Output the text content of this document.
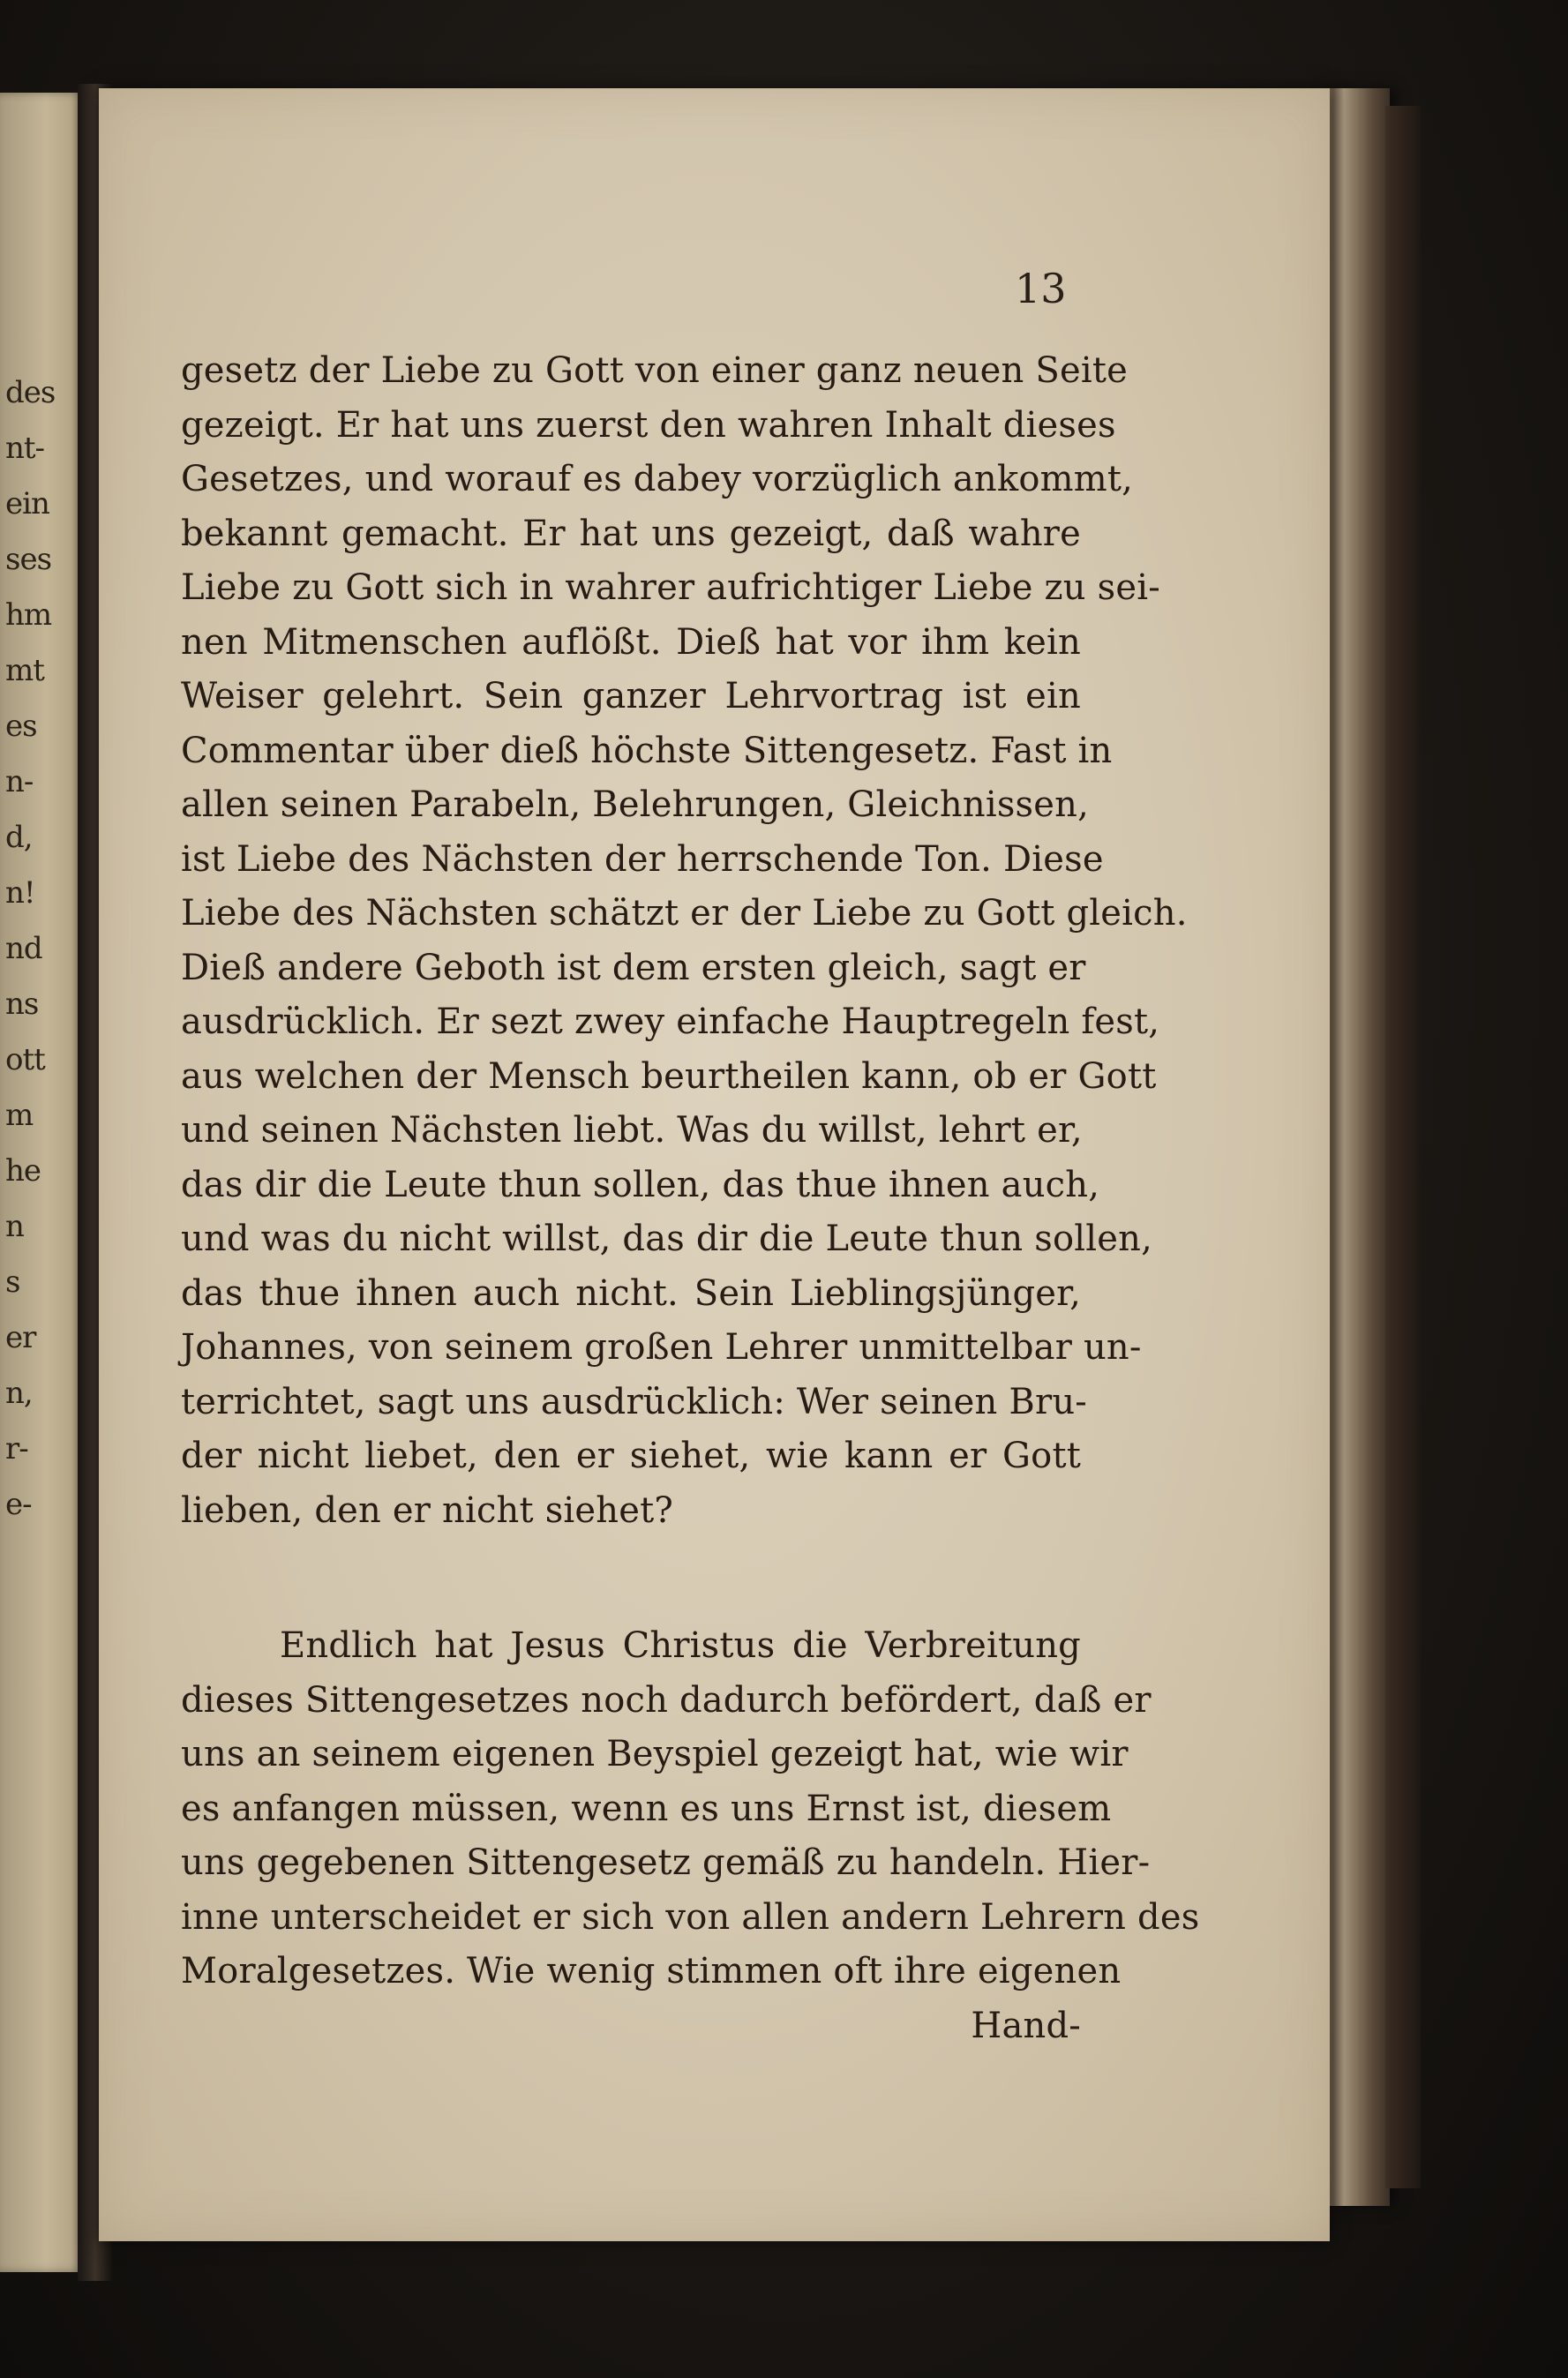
des
nt-
ein
ses
hm
mt
es
n-
d,
n!
nd
ns
ott
m
he
n
s
er
n,
r-
e-
13
gesetz der Liebe zu Gott von einer ganz neuen Seite
gezeigt. Er hat uns zuerst den wahren Inhalt dieses
Gesetzes, und worauf es dabey vorzüglich ankommt,
bekannt gemacht. Er hat uns gezeigt, daß wahre
Liebe zu Gott sich in wahrer aufrichtiger Liebe zu sei-
nen Mitmenschen auflößt. Dieß hat vor ihm kein
Weiser gelehrt. Sein ganzer Lehrvortrag ist ein
Commentar über dieß höchste Sittengesetz. Fast in
allen seinen Parabeln, Belehrungen, Gleichnissen,
ist Liebe des Nächsten der herrschende Ton. Diese
Liebe des Nächsten schätzt er der Liebe zu Gott gleich.
Dieß andere Geboth ist dem ersten gleich, sagt er
ausdrücklich. Er sezt zwey einfache Hauptregeln fest,
aus welchen der Mensch beurtheilen kann, ob er Gott
und seinen Nächsten liebt. Was du willst, lehrt er,
das dir die Leute thun sollen, das thue ihnen auch,
und was du nicht willst, das dir die Leute thun sollen,
das thue ihnen auch nicht. Sein Lieblingsjünger,
Johannes, von seinem großen Lehrer unmittelbar un-
terrichtet, sagt uns ausdrücklich: Wer seinen Bru-
der nicht liebet, den er siehet, wie kann er Gott
lieben, den er nicht siehet?
Endlich hat Jesus Christus die Verbreitung
dieses Sittengesetzes noch dadurch befördert, daß er
uns an seinem eigenen Beyspiel gezeigt hat, wie wir
es anfangen müssen, wenn es uns Ernst ist, diesem
uns gegebenen Sittengesetz gemäß zu handeln. Hier-
inne unterscheidet er sich von allen andern Lehrern des
Moralgesetzes. Wie wenig stimmen oft ihre eigenen
Hand-
